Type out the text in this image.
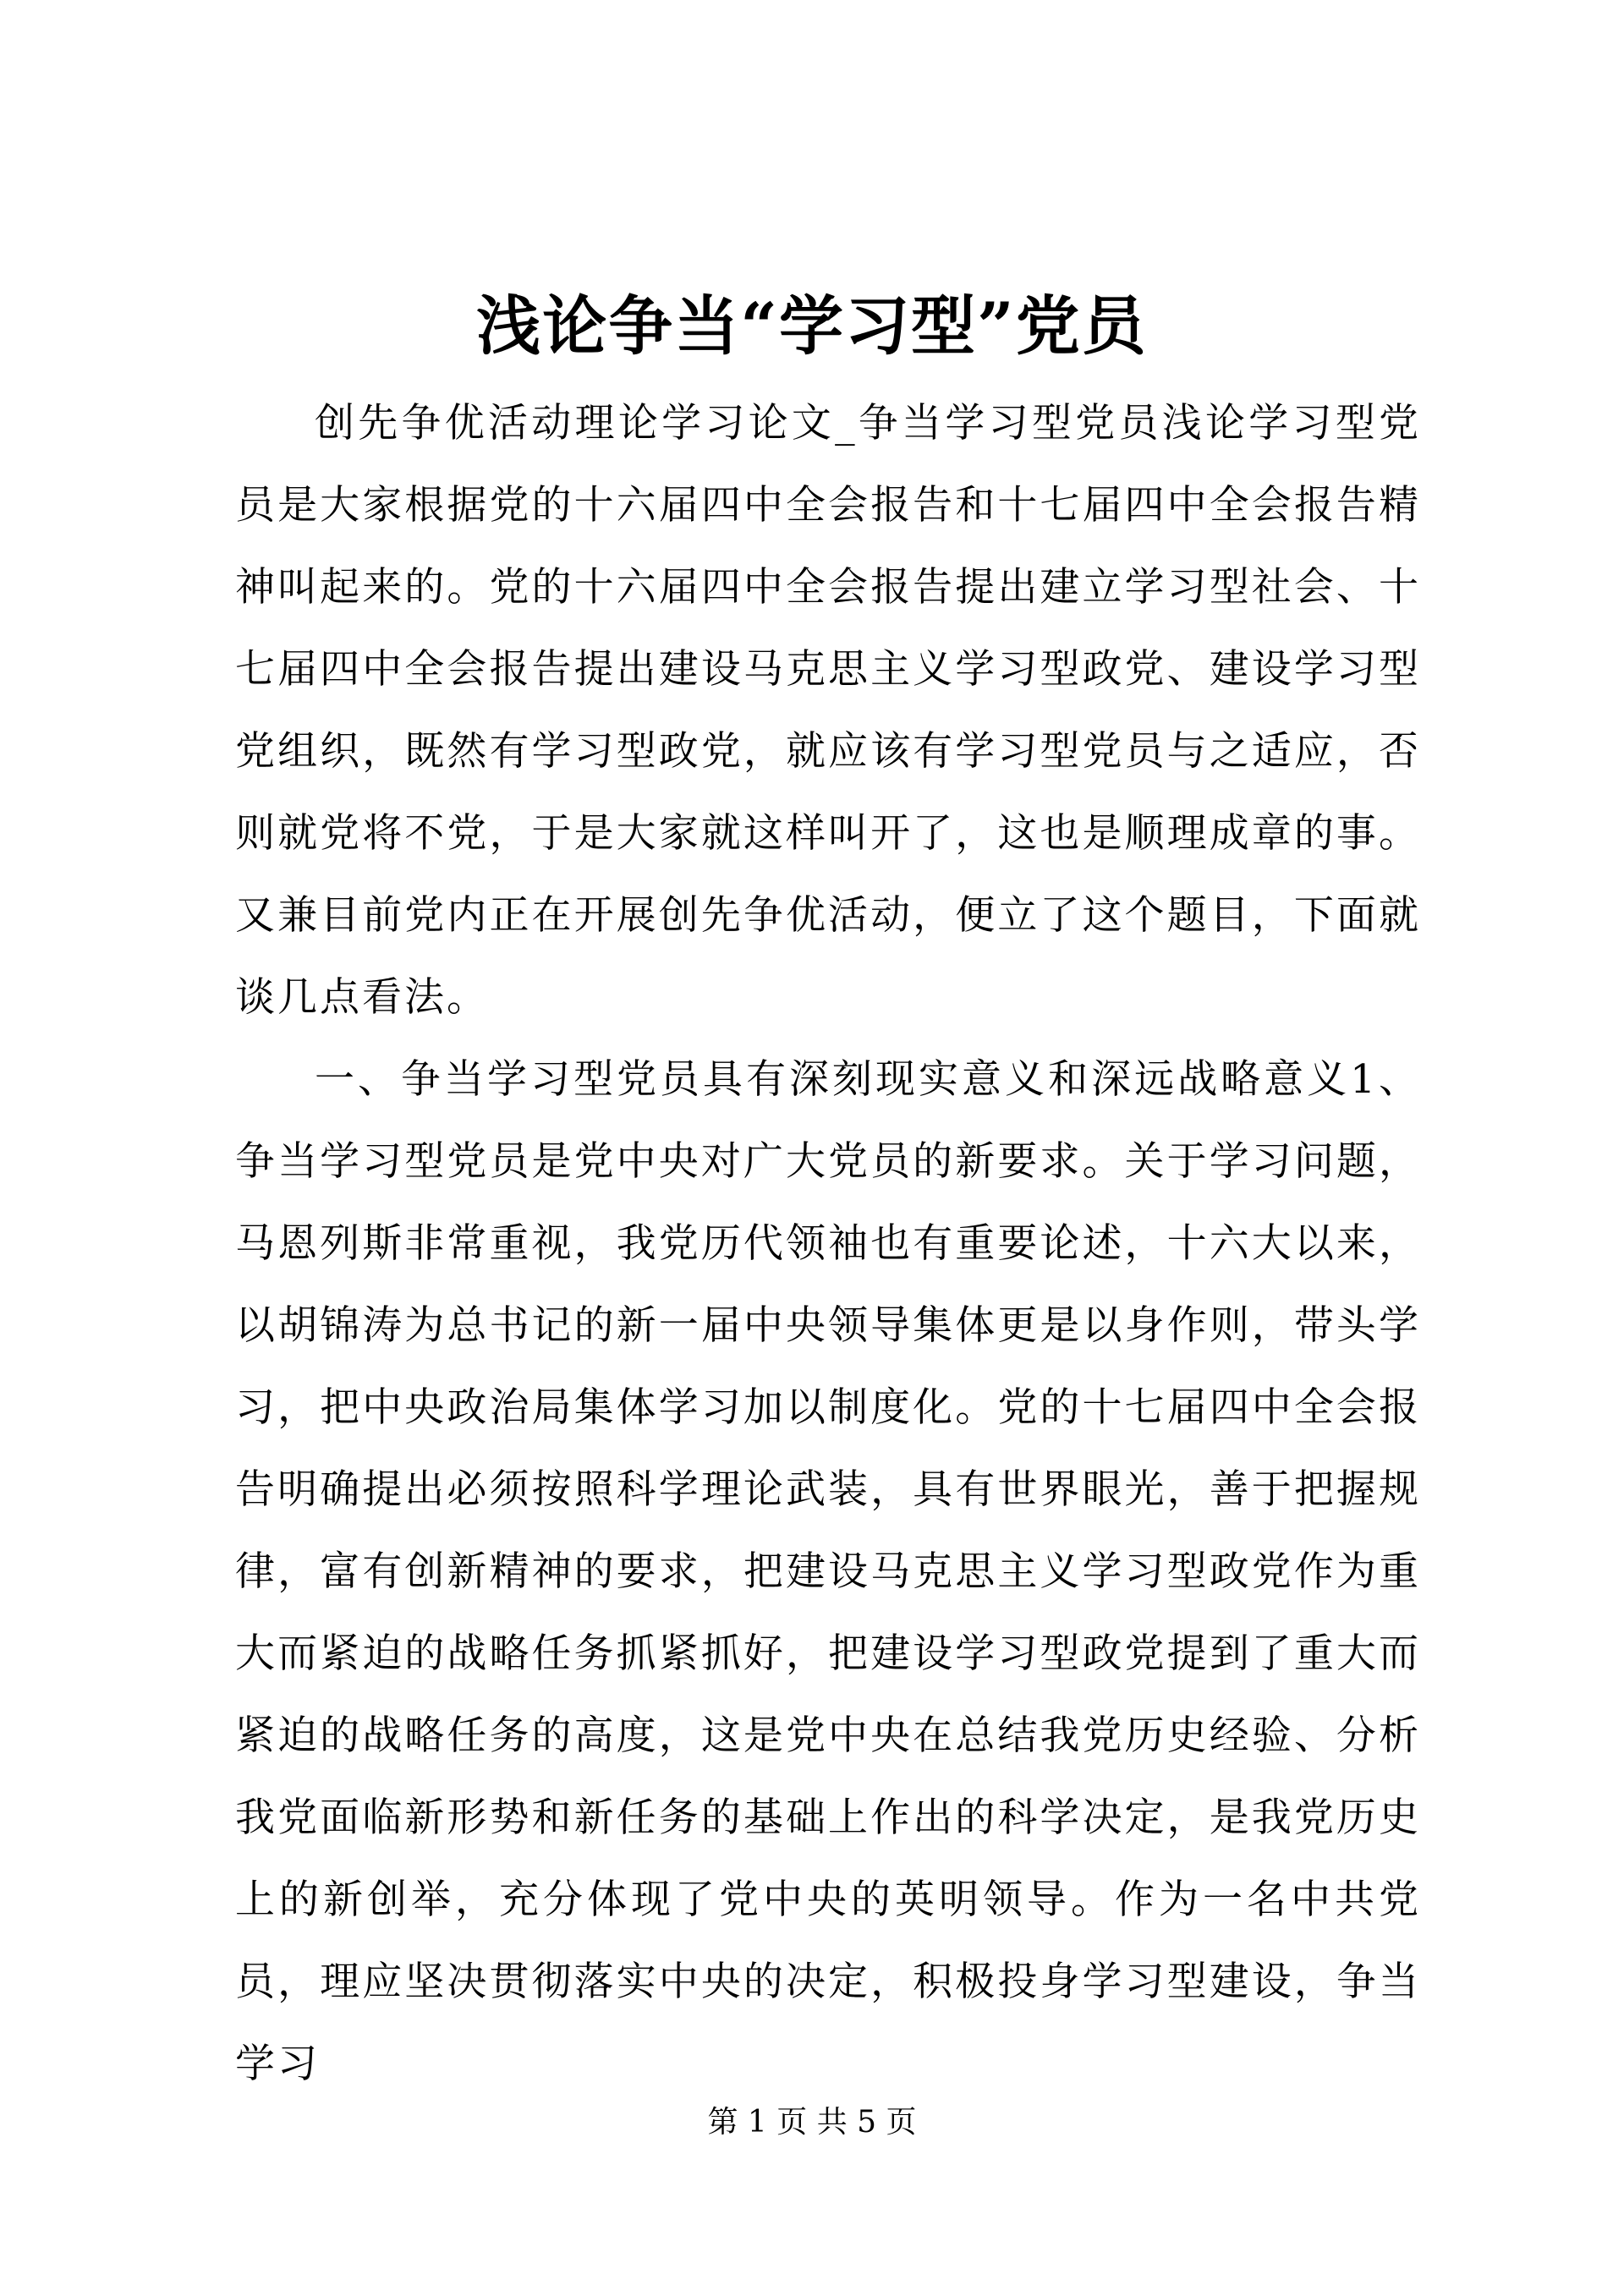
浅论争当“学习型”党员

创先争优活动理论学习论文_争当学习型党员浅论学习型党员是大家根据党的十六届四中全会报告和十七届四中全会报告精神叫起来的。党的十六届四中全会报告提出建立学习型社会、十七届四中全会报告提出建设马克思主义学习型政党、建设学习型党组织，既然有学习型政党，就应该有学习型党员与之适应，否则就党将不党，于是大家就这样叫开了，这也是顺理成章的事。又兼目前党内正在开展创先争优活动，便立了这个题目，下面就谈几点看法。

一、争当学习型党员具有深刻现实意义和深远战略意义1、争当学习型党员是党中央对广大党员的新要求。关于学习问题，马恩列斯非常重视，我党历代领袖也有重要论述，十六大以来，以胡锦涛为总书记的新一届中央领导集体更是以身作则，带头学习，把中央政治局集体学习加以制度化。党的十七届四中全会报告明确提出必须按照科学理论武装，具有世界眼光，善于把握规律，富有创新精神的要求，把建设马克思主义学习型政党作为重大而紧迫的战略任务抓紧抓好，把建设学习型政党提到了重大而紧迫的战略任务的高度，这是党中央在总结我党历史经验、分析我党面临新形势和新任务的基础上作出的科学决定，是我党历史上的新创举，充分体现了党中央的英明领导。作为一名中共党员，理应坚决贯彻落实中央的决定，积极投身学习型建设，争当学习

第 1 页 共 5 页
